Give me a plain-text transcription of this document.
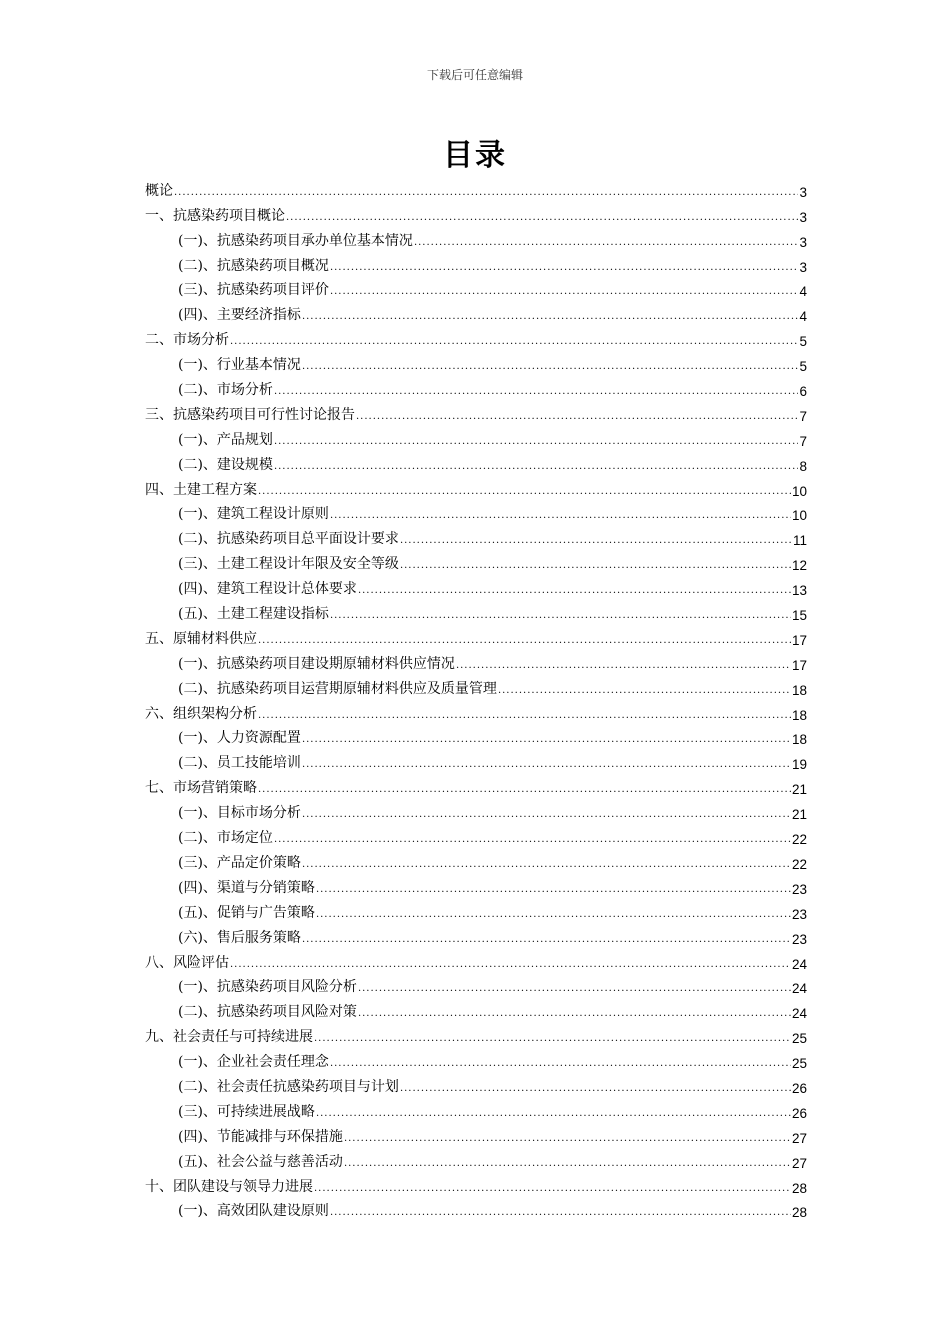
下载后可任意编辑
目录
概论 .....	3
一、抗感染药项目概论 .....	3
(一)、抗感染药项目承办单位基本情况 .....	3
(二)、抗感染药项目概况 .....	3
(三)、抗感染药项目评价 .....	4
(四)、主要经济指标 .....	4
二、市场分析 .....	5
(一)、行业基本情况 .....	5
(二)、市场分析 .....	6
三、抗感染药项目可行性讨论报告 .....	7
(一)、产品规划 .....	7
(二)、建设规模 .....	8
四、土建工程方案 .....	10
(一)、建筑工程设计原则 .....	10
(二)、抗感染药项目总平面设计要求 .....	11
(三)、土建工程设计年限及安全等级 .....	12
(四)、建筑工程设计总体要求 .....	13
(五)、土建工程建设指标 .....	15
五、原辅材料供应 .....	17
(一)、抗感染药项目建设期原辅材料供应情况 .....	17
(二)、抗感染药项目运营期原辅材料供应及质量管理 .....	18
六、组织架构分析 .....	18
(一)、人力资源配置 .....	18
(二)、员工技能培训 .....	19
七、市场营销策略 .....	21
(一)、目标市场分析 .....	21
(二)、市场定位 .....	22
(三)、产品定价策略 .....	22
(四)、渠道与分销策略 .....	23
(五)、促销与广告策略 .....	23
(六)、售后服务策略 .....	23
八、风险评估 .....	24
(一)、抗感染药项目风险分析 .....	24
(二)、抗感染药项目风险对策 .....	24
九、社会责任与可持续进展 .....	25
(一)、企业社会责任理念 .....	25
(二)、社会责任抗感染药项目与计划 .....	26
(三)、可持续进展战略 .....	26
(四)、节能减排与环保措施 .....	27
(五)、社会公益与慈善活动 .....	27
十、团队建设与领导力进展 .....	28
(一)、高效团队建设原则 .....	28
